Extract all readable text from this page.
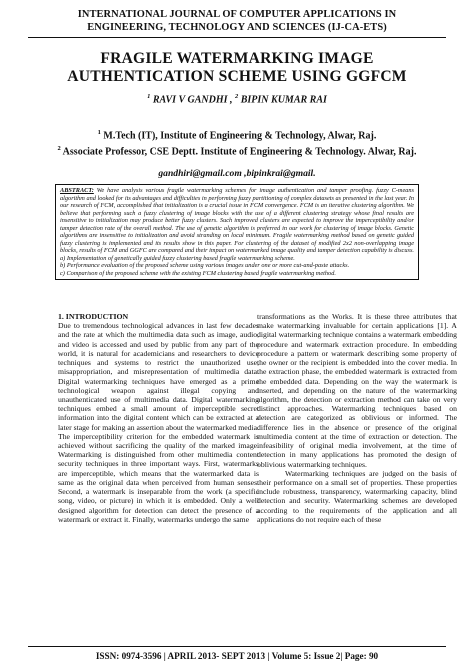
INTERNATIONAL JOURNAL OF COMPUTER APPLICATIONS IN
ENGINEERING, TECHNOLOGY AND SCIENCES (IJ-CA-ETS)
FRAGILE WATERMARKING IMAGE
AUTHENTICATION SCHEME USING GGFCM
$^1$ RAVI V GANDHI , $^2$ BIPIN KUMAR RAI
$^1$ M.Tech (IT), Institute of Engineering & Technology, Alwar, Raj.
$^2$ Associate Professor, CSE Deptt. Institute of Engineering & Technology. Alwar, Raj.
gandhiri@gmail.com ,bipinkrai@gmail.

ABSTRACT: We have analysis various fragile watermarking schemes for image authentication and tamper proofing. fuzzy C-means algorithm and looked for its advantages and difficulties in performing fuzzy partitioning of complex datasets as presented in the last year. In our research of FCM, accomplished that initialization is a crucial issue in FCM convergence. FCM is an iterative clustering algorithm. We believe that performing such a fuzzy clustering of image blocks with the use of a different clustering strategy whose final results are insensitive to initialization may produce better fuzzy clusters. Such improved clusters are expected to improve the imperceptibility and/or tamper detection rate of the overall method. The use of genetic algorithm is preferred in our work for clustering of image blocks. Genetic algorithms are insensitive to initialization and avoid stranding on local minimum. Fragile watermarking method based on genetic guided fuzzy clustering is implemented and its results show in this paper. For clustering of the dataset of modified 2x2 non-overlapping image blocks, results of FCM and GGFC are compared and their impact on watermarked image quality and tamper detection capability is discuss.

a) Implementation of genetically guided fuzzy clustering based fragile watermarking scheme.

b) Performance evaluation of the proposed scheme using various images under one or more cut-and-paste attacks.

c) Comparison of the proposed scheme with the existing FCM clustering based fragile watermarking method.

1. INTRODUCTION

Due to tremendous technological advances in last few decades and the rate at which the multimedia data such as image, audio, and video is accessed and used by public from any part of the world, it is natural for academicians and researchers to device techniques and systems to restrict the unauthorized use, misappropriation, and misrepresentation of multimedia data. Digital watermarking techniques have emerged as a prime technological weapon against illegal copying and unauthenticated use of multimedia data. Digital watermarking techniques embed a small amount of imperceptible secret information into the digital content which can be extracted at a later stage for making an assertion about the watermarked media. The imperceptibility criterion for the embedded watermark is achieved without sacrificing the quality of the marked image. Watermarking is distinguished from other multimedia content security techniques in three important ways. First, watermarks are imperceptible, which means that the watermarked data is same as the original data when perceived from human senses. Second, a watermark is inseparable from the work (a specific song, video, or picture) in which it is embedded. Only a well designed algorithm for detection can detect the presence of a watermark or extract it. Finally, watermarks undergo the same

transformations as the Works. It is these three attributes that make watermarking invaluable for certain applications [1]. A digital watermarking technique contains a watermark embedding procedure and watermark extraction procedure. In embedding procedure a pattern or watermark describing some property of the owner or the recipient is embedded into the cover media. In the extraction phase, the embedded watermark is extracted from the embedded data. Depending on the way the watermark is inserted, and depending on the nature of the watermarking algorithm, the detection or extraction method can take on very distinct approaches. Watermarking techniques based on detection are categorized as oblivious or informed. The difference lies in the absence or presence of the original multimedia content at the time of extraction or detection. The infeasibility of original media involvement, at the time of detection in many applications has promoted the design of oblivious watermarking techniques.

Watermarking techniques are judged on the basis of their performance on a small set of properties. These properties include robustness, transparency, watermarking capacity, blind detection and security. Watermarking schemes are developed according to the requirements of the application and all applications do not require each of these

ISSN: 0974-3596 | APRIL 2013- SEPT 2013 | Volume 5: Issue 2| Page: 90
